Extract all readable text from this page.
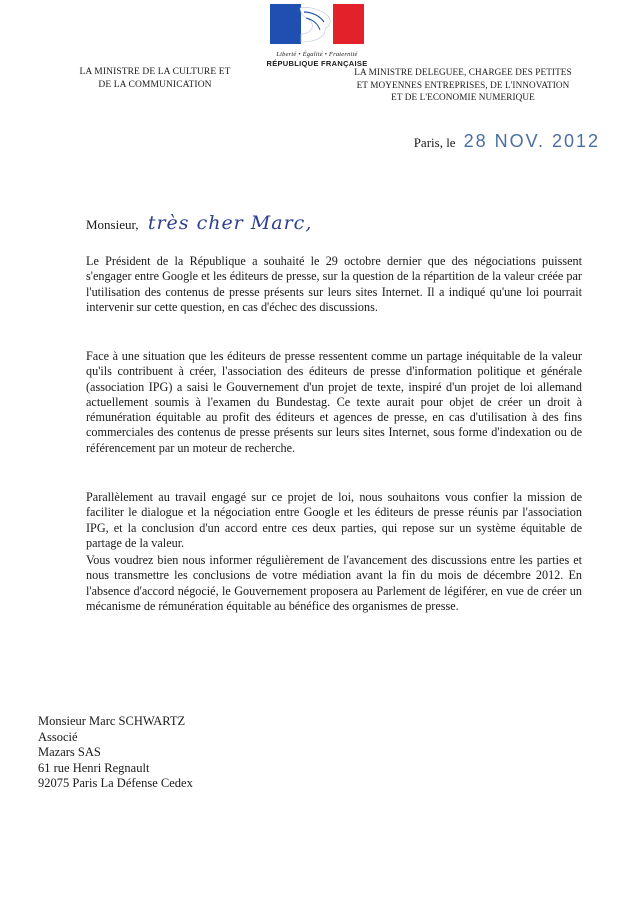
Liberté • Égalité • Fraternité
RÉPUBLIQUE FRANÇAISE
LA MINISTRE DE LA CULTURE ET
DE LA COMMUNICATION
LA MINISTRE DELEGUEE, CHARGEE DES PETITES
ET MOYENNES ENTREPRISES, DE L'INNOVATION
ET DE L'ECONOMIE NUMERIQUE
Paris, le 28 NOV. 2012
Monsieur, très cher Marc,
Le Président de la République a souhaité le 29 octobre dernier que des négociations puissent s'engager entre Google et les éditeurs de presse, sur la question de la répartition de la valeur créée par l'utilisation des contenus de presse présents sur leurs sites Internet. Il a indiqué qu'une loi pourrait intervenir sur cette question, en cas d'échec des discussions.
Face à une situation que les éditeurs de presse ressentent comme un partage inéquitable de la valeur qu'ils contribuent à créer, l'association des éditeurs de presse d'information politique et générale (association IPG) a saisi le Gouvernement d'un projet de texte, inspiré d'un projet de loi allemand actuellement soumis à l'examen du Bundestag. Ce texte aurait pour objet de créer un droit à rémunération équitable au profit des éditeurs et agences de presse, en cas d'utilisation à des fins commerciales des contenus de presse présents sur leurs sites Internet, sous forme d'indexation ou de référencement par un moteur de recherche.
Parallèlement au travail engagé sur ce projet de loi, nous souhaitons vous confier la mission de faciliter le dialogue et la négociation entre Google et les éditeurs de presse réunis par l'association IPG, et la conclusion d'un accord entre ces deux parties, qui repose sur un système équitable de partage de la valeur.
Vous voudrez bien nous informer régulièrement de l'avancement des discussions entre les parties et nous transmettre les conclusions de votre médiation avant la fin du mois de décembre 2012. En l'absence d'accord négocié, le Gouvernement proposera au Parlement de légiférer, en vue de créer un mécanisme de rémunération équitable au bénéfice des organismes de presse.
Monsieur Marc SCHWARTZ
Associé
Mazars SAS
61 rue Henri Regnault
92075 Paris La Défense Cedex
